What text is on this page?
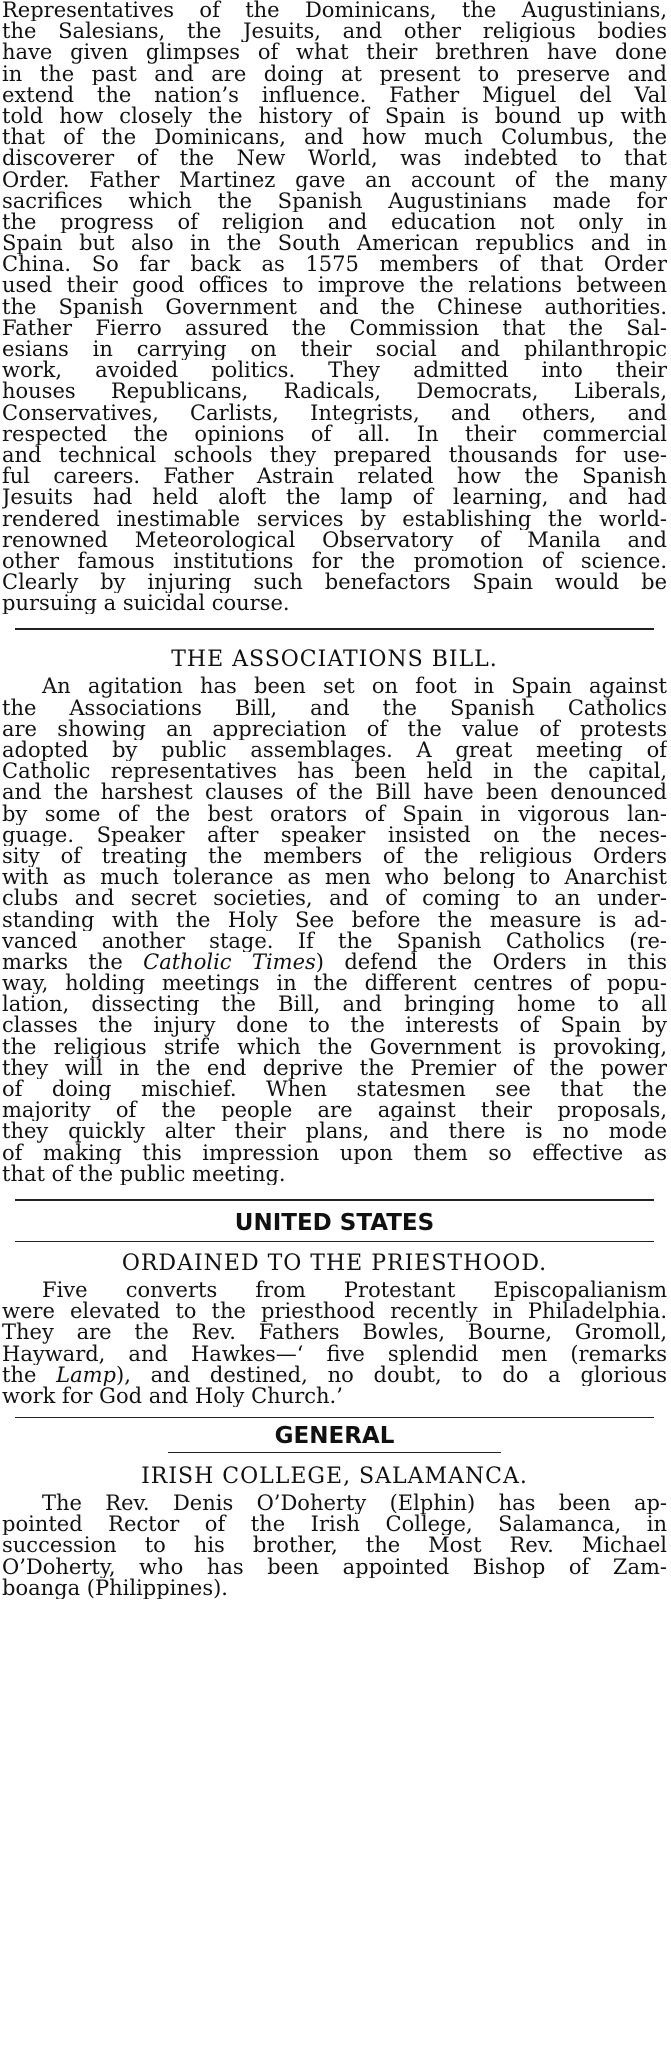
Representatives of the Dominicans, the Augustinians,
the Salesians, the Jesuits, and other religious bodies
have given glimpses of what their brethren have done
in the past and are doing at present to preserve and
extend the nation’s influence. Father Miguel del Val
told how closely the history of Spain is bound up with
that of the Dominicans, and how much Columbus, the
discoverer of the New World, was indebted to that
Order. Father Martinez gave an account of the many
sacrifices which the Spanish Augustinians made for
the progress of religion and education not only in
Spain but also in the South American republics and in
China. So far back as 1575 members of that Order
used their good offices to improve the relations between
the Spanish Government and the Chinese authorities.
Father Fierro assured the Commission that the Sal-
esians in carrying on their social and philanthropic
work, avoided politics. They admitted into their
houses Republicans, Radicals, Democrats, Liberals,
Conservatives, Carlists, Integrists, and others, and
respected the opinions of all. In their commercial
and technical schools they prepared thousands for use-
ful careers. Father Astrain related how the Spanish
Jesuits had held aloft the lamp of learning, and had
rendered inestimable services by establishing the world-
renowned Meteorological Observatory of Manila and
other famous institutions for the promotion of science.
Clearly by injuring such benefactors Spain would be
pursuing a suicidal course.
THE ASSOCIATIONS BILL.
An agitation has been set on foot in Spain against
the Associations Bill, and the Spanish Catholics
are showing an appreciation of the value of protests
adopted by public assemblages. A great meeting of
Catholic representatives has been held in the capital,
and the harshest clauses of the Bill have been denounced
by some of the best orators of Spain in vigorous lan-
guage. Speaker after speaker insisted on the neces-
sity of treating the members of the religious Orders
with as much tolerance as men who belong to Anarchist
clubs and secret societies, and of coming to an under-
standing with the Holy See before the measure is ad-
vanced another stage. If the Spanish Catholics (re-
marks the Catholic Times) defend the Orders in this
way, holding meetings in the different centres of popu-
lation, dissecting the Bill, and bringing home to all
classes the injury done to the interests of Spain by
the religious strife which the Government is provoking,
they will in the end deprive the Premier of the power
of doing mischief. When statesmen see that the
majority of the people are against their proposals,
they quickly alter their plans, and there is no mode
of making this impression upon them so effective as
that of the public meeting.
UNITED STATES
ORDAINED TO THE PRIESTHOOD.
Five converts from Protestant Episcopalianism
were elevated to the priesthood recently in Philadelphia.
They are the Rev. Fathers Bowles, Bourne, Gromoll,
Hayward, and Hawkes—‘ five splendid men (remarks
the Lamp), and destined, no doubt, to do a glorious
work for God and Holy Church.’
GENERAL
IRISH COLLEGE, SALAMANCA.
The Rev. Denis O’Doherty (Elphin) has been ap-
pointed Rector of the Irish College, Salamanca, in
succession to his brother, the Most Rev. Michael
O’Doherty, who has been appointed Bishop of Zam-
boanga (Philippines).
